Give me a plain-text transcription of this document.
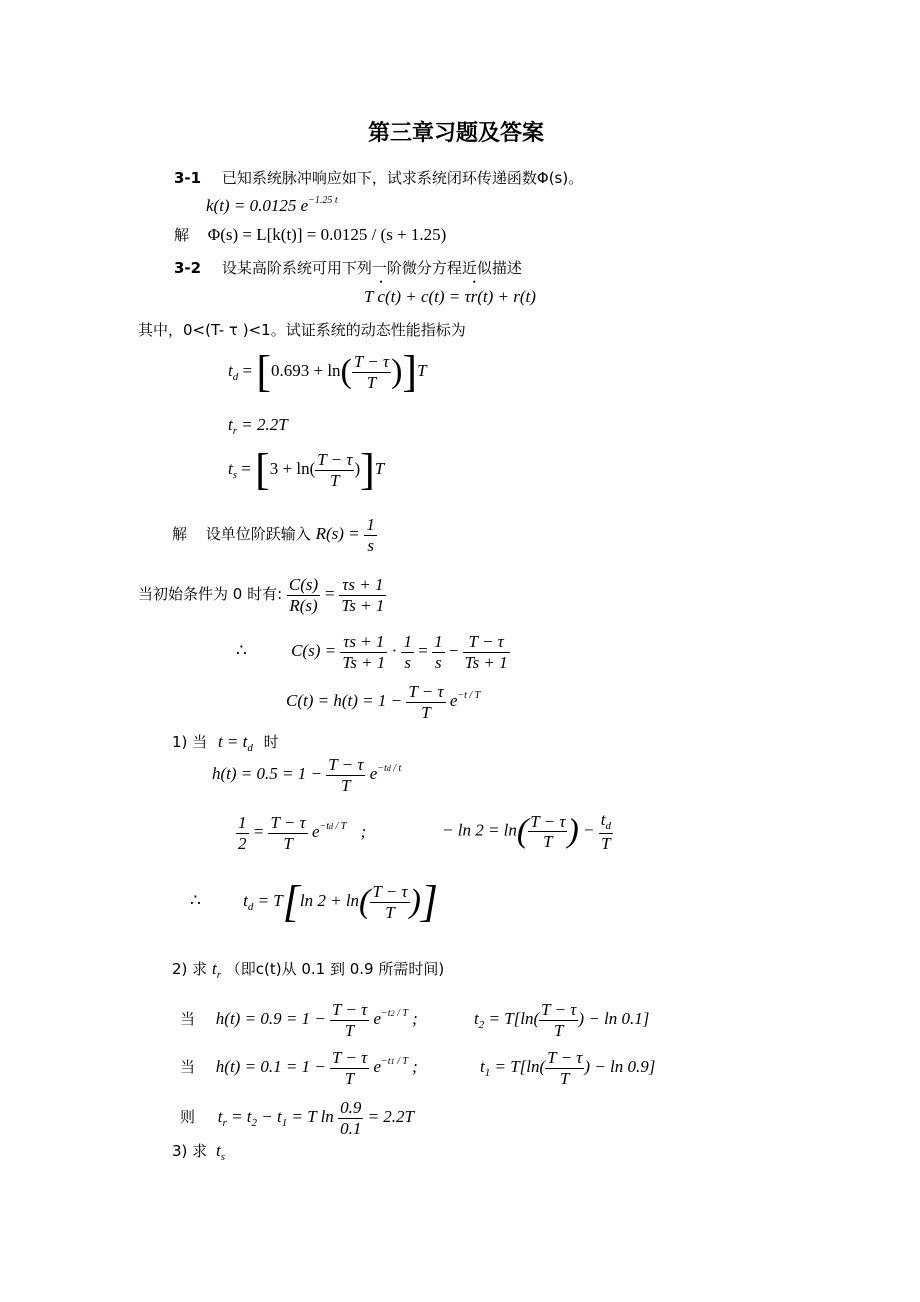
第三章习题及答案
3-1 已知系统脉冲响应如下，试求系统闭环传递函数Φ(s)。
k(t) = 0.0125 $e^{-1.25 t}$
解 Φ(s) = L[k(t)] = 0.0125 / (s + 1.25)
3-2 设某高阶系统可用下列一阶微分方程近似描述
T c •(t) + c(t) = τr •(t) + r(t)
其中，0<(T- τ )<1。试证系统的动态性能指标为
$t_d = [0.693 + \ln( \frac{T - \tau}{T} )]T$
$t_r = 2.2T$
$t_s = [3 + \ln( \frac{T - \tau}{T} )]T$
解 设单位阶跃输入 $R(s) = \frac{1}{s}$
当初始条件为 0 时有: $\frac{C(s)}{R(s)} = \frac{\tau s + 1}{Ts + 1}$
∴	$C(s) = \frac{\tau s + 1}{Ts + 1} \cdot \frac{1}{s} = \frac{1}{s} - \frac{T - \tau}{Ts + 1}$
$C(t) = h(t) = 1 - \frac{T - \tau}{T} e^{-t / T}$
1) 当 $t = t_d$ 时
$h(t) = 0.5 = 1 - \frac{T - \tau}{T} e^{-td / t}$
$\frac{1}{2} = \frac{T - \tau}{T} e^{-td / T}$ ;	− $\ln 2 = \ln( \frac{T - \tau}{T}$ ) − $\frac{t_d}{T}$
∴ $t_d = T[\ln$ $2 + \ln( \frac{T - \tau}{T}$ )]
2) 求 $t_r$ （即c(t)从 0.1 到 0.9 所需时间)
当 $h(t) = 0.9 = 1 - \frac{T - \tau}{T} e^{-t2 / T}$ ;	$t_2 = T[\ln( \frac{T - \tau}{T}$ ) − ln 0.1]
当 $h(t) = 0.1 = 1 - \frac{T - \tau}{T} e^{-t1 / T}$ ;	$t_1 = T[\ln( \frac{T - \tau}{T}$ ) − ln 0.9]
则 $t_r = t_2 - t_1 = T$ $\ln \frac{0.9}{0.1} = 2.2T$
3) 求 $t_s$
